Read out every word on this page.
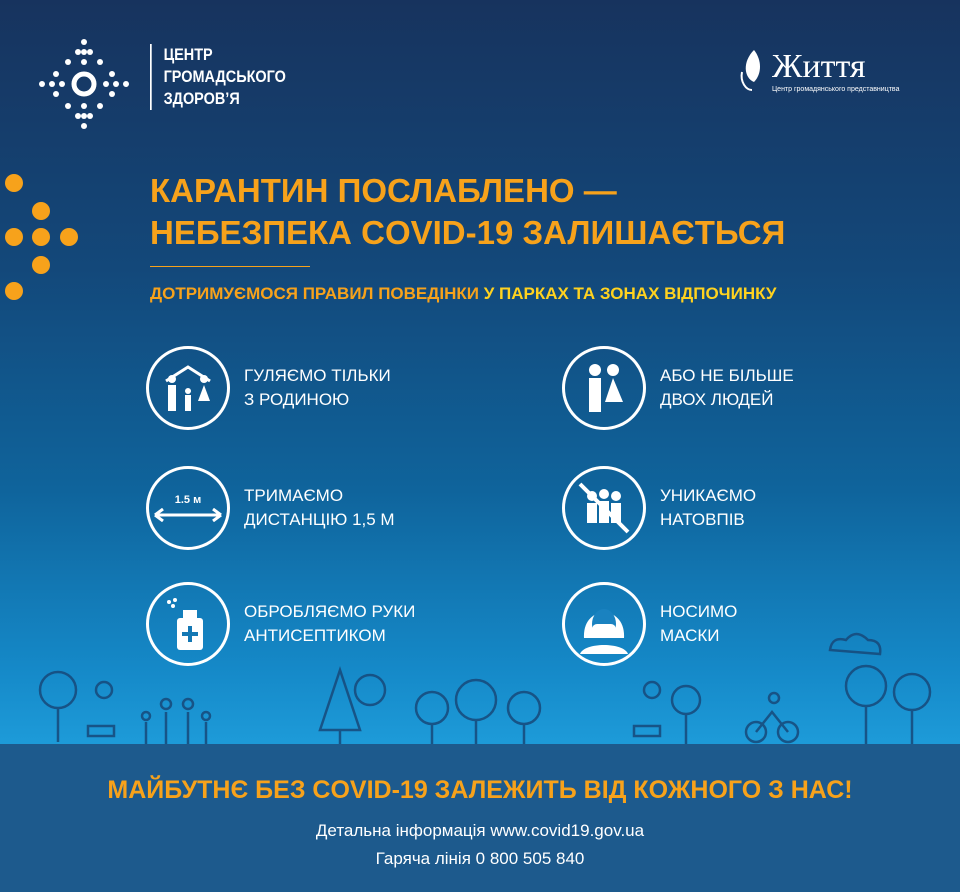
ЦЕНТР
ГРОМАДСЬКОГО
ЗДОРОВ’Я
Життя
Центр громадянського представництва
КАРАНТИН ПОСЛАБЛЕНО —
НЕБЕЗПЕКА COVID-19 ЗАЛИШАЄТЬСЯ
ДОТРИМУЄМОСЯ ПРАВИЛ ПОВЕДІНКИ У ПАРКАХ ТА ЗОНАХ ВІДПОЧИНКУ
ГУЛЯЄМО ТІЛЬКИ
З РОДИНОЮ
АБО НЕ БІЛЬШЕ
ДВОХ ЛЮДЕЙ
1.5 м	ТРИМАЄМО
ДИСТАНЦІЮ 1,5 М
УНИКАЄМО
НАТОВПІВ
ОБРОБЛЯЄМО РУКИ
АНТИСЕПТИКОМ
НОСИМО
МАСКИ
МАЙБУТНЄ БЕЗ COVID-19 ЗАЛЕЖИТЬ ВІД КОЖНОГО З НАС!
Детальна інформація www.covid19.gov.ua
Гаряча лінія 0 800 505 840
